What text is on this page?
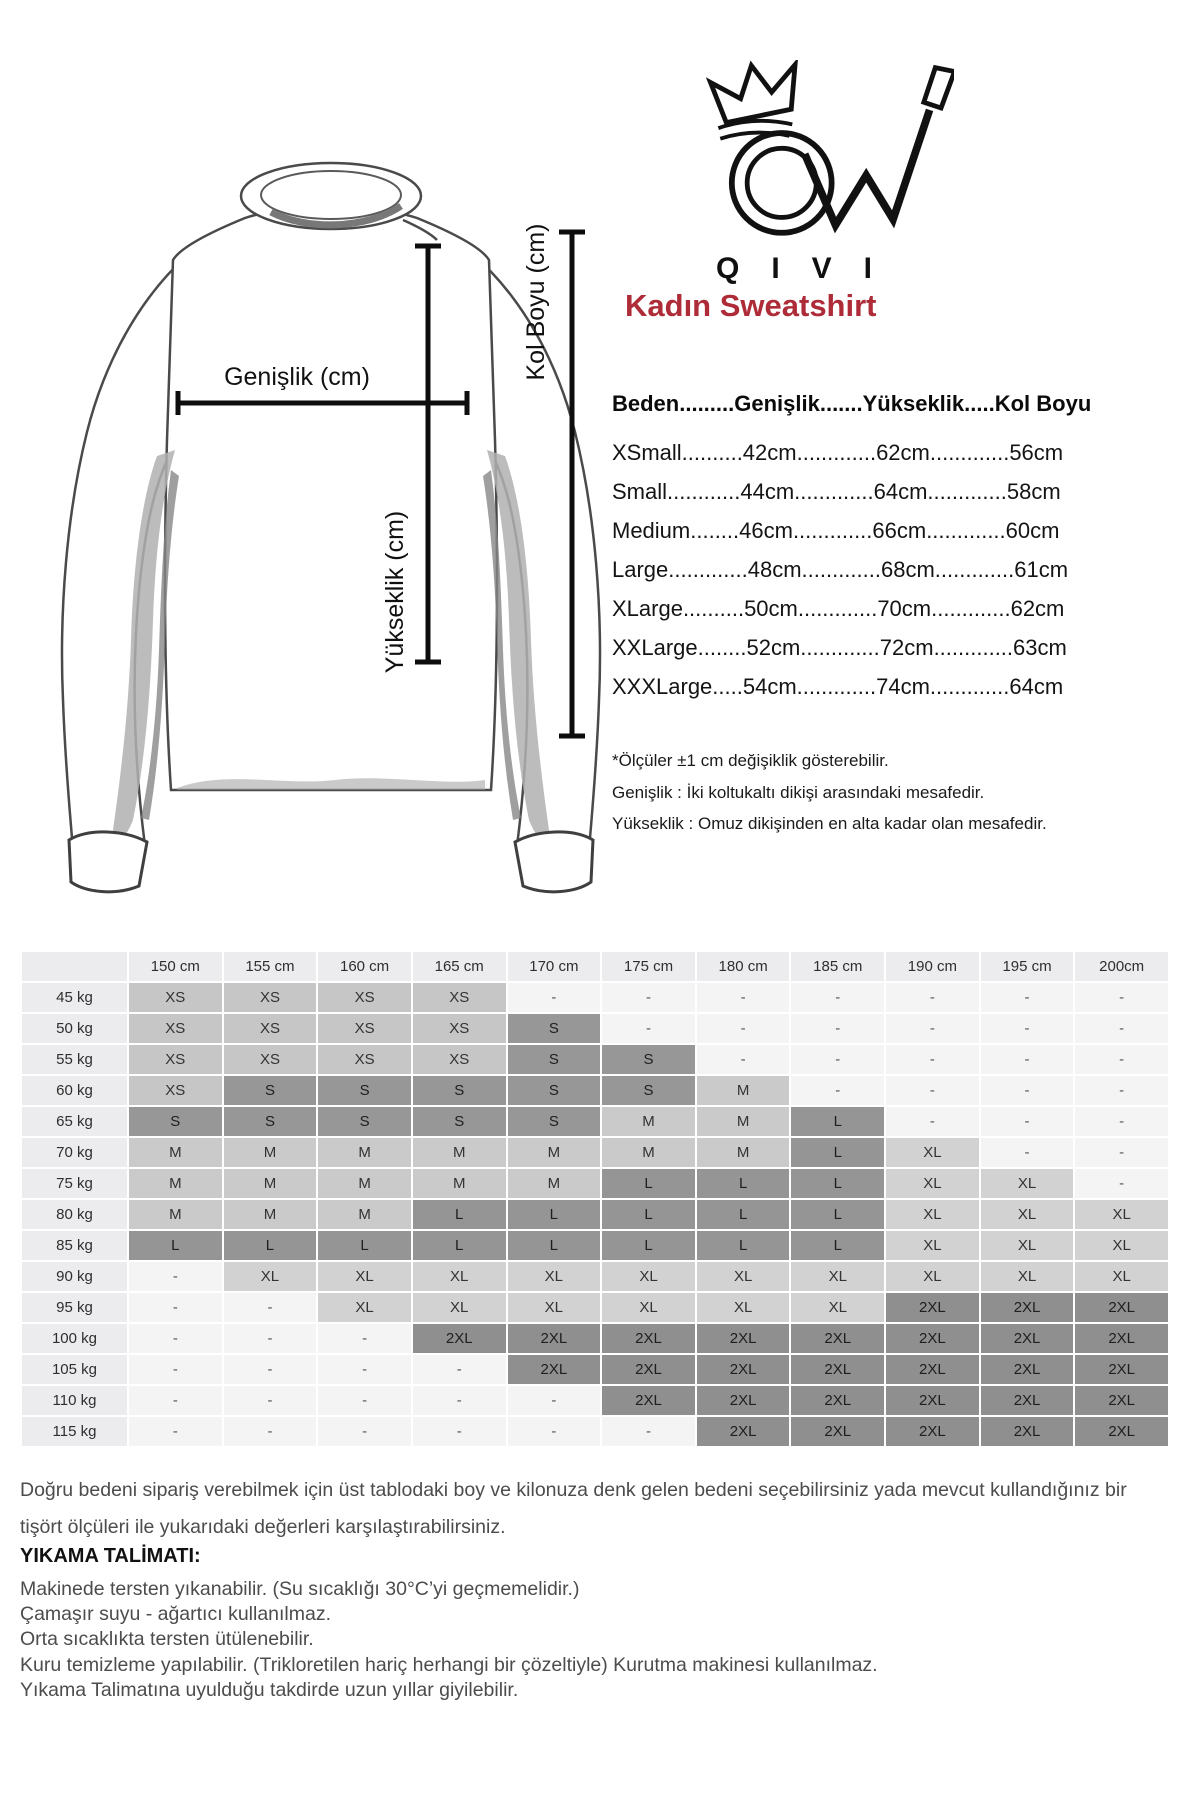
Genişlik (cm)
Yükseklik (cm)
Kol Boyu (cm)	QIVI
Kadın Sweatshirt
Beden.........Genişlik.......Yükseklik.....Kol Boyu
XSmall..........42cm.............62cm.............56cm
Small............44cm.............64cm.............58cm
Medium........46cm.............66cm.............60cm
Large.............48cm.............68cm.............61cm
XLarge..........50cm.............70cm.............62cm
XXLarge........52cm.............72cm.............63cm
XXXLarge.....54cm.............74cm.............64cm
*Ölçüler ±1 cm değişiklik gösterebilir.
Genişlik : İki koltukaltı dikişi arasındaki mesafedir.
Yükseklik : Omuz dikişinden en alta kadar olan mesafedir.
150 cm	155 cm	160 cm	165 cm	170 cm	175 cm	180 cm	185 cm	190 cm	195 cm	200cm
45 kg	XS	XS	XS	XS	-	-	-	-	-	-	-
50 kg	XS	XS	XS	XS	S	-	-	-	-	-	-
55 kg	XS	XS	XS	XS	S	S	-	-	-	-	-
60 kg	XS	S	S	S	S	S	M	-	-	-	-
65 kg	S	S	S	S	S	M	M	L	-	-	-
70 kg	M	M	M	M	M	M	M	L	XL	-	-
75 kg	M	M	M	M	M	L	L	L	XL	XL	-
80 kg	M	M	M	L	L	L	L	L	XL	XL	XL
85 kg	L	L	L	L	L	L	L	L	XL	XL	XL
90 kg	-	XL	XL	XL	XL	XL	XL	XL	XL	XL	XL
95 kg	-	-	XL	XL	XL	XL	XL	XL	2XL	2XL	2XL
100 kg	-	-	-	2XL	2XL	2XL	2XL	2XL	2XL	2XL	2XL
105 kg	-	-	-	-	2XL	2XL	2XL	2XL	2XL	2XL	2XL
110 kg	-	-	-	-	-	2XL	2XL	2XL	2XL	2XL	2XL
115 kg	-	-	-	-	-	-	2XL	2XL	2XL	2XL	2XL

Doğru bedeni sipariş verebilmek için üst tablodaki boy ve kilonuza denk gelen bedeni seçebilirsiniz yada mevcut kullandığınız bir tişört ölçüleri ile yukarıdaki değerleri karşılaştırabilirsiniz.

YIKAMA TALİMATI:
Makinede tersten yıkanabilir. (Su sıcaklığı 30°C’yi geçmemelidir.)
Çamaşır suyu - ağartıcı kullanılmaz.
Orta sıcaklıkta tersten ütülenebilir.
Kuru temizleme yapılabilir. (Trikloretilen hariç herhangi bir çözeltiyle) Kurutma makinesi kullanılmaz.
Yıkama Talimatına uyulduğu takdirde uzun yıllar giyilebilir.
